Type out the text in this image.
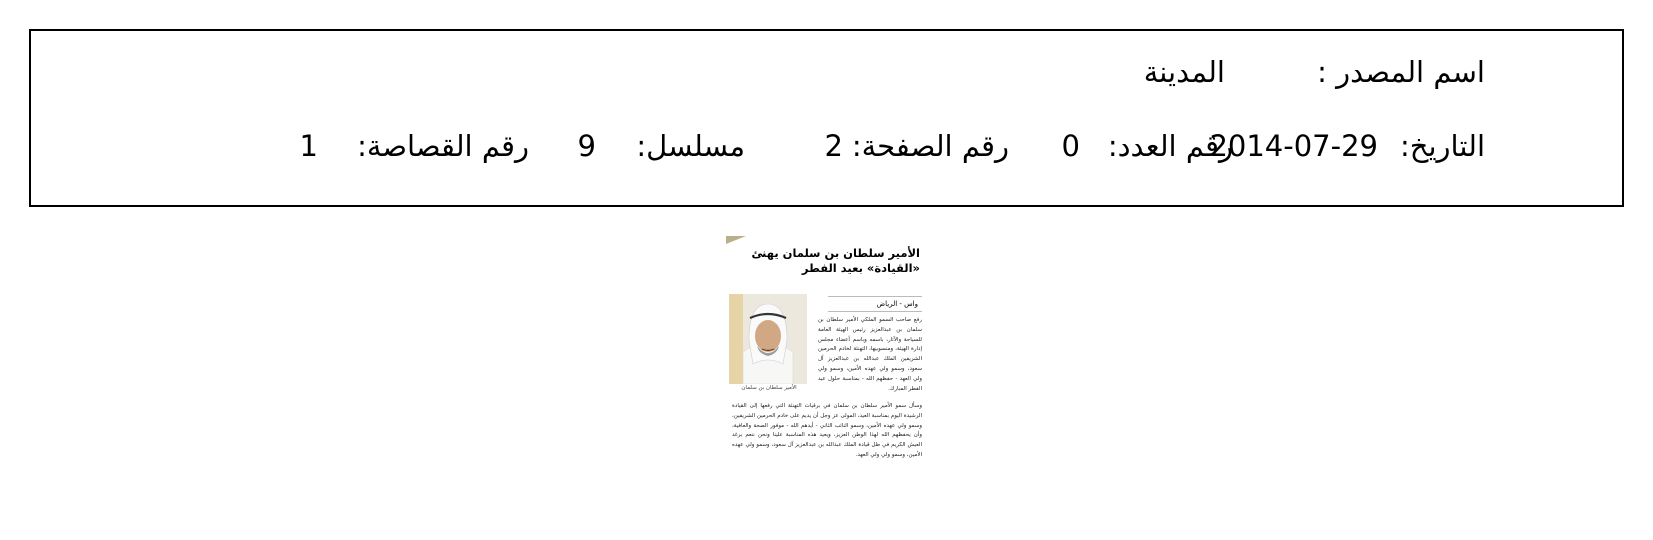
اسم المصدر :
المدينة
التاريخ:
2014-07-29
رقم العدد:
0
رقم الصفحة:
2
مسلسل:
9
رقم القصاصة:
1
الأمير سلطان بن سلمان يهنئ
«القيادة» بعيد الفطر
واس - الرياض
الأمير سلطان بن سلمان
رفع صاحب السمو الملكي الأمير سلطان بن سلمان بن عبدالعزيز رئيس الهيئة العامة للسياحة والآثار، باسمه وباسم أعضاء مجلس إدارة الهيئة، ومنسوبيها، التهنئة لخادم الحرمين الشريفين الملك عبدالله بن عبدالعزيز آل سعود، وسمو ولي عهده الأمين، وسمو ولي ولي العهد - حفظهم الله - بمناسبة حلول عيد الفطر المبارك.
وسأل سمو الأمير سلطان بن سلمان في برقيات التهنئة التي رفعها إلى القيادة الرشيدة اليوم بمناسبة العيد، المولى عز وجل أن يديم على خادم الحرمين الشريفين، وسمو ولي عهده الأمين، وسمو النائب الثاني - أيدهم الله - موفور الصحة والعافية، وأن يحفظهم الله لهذا الوطن العزيز، ويعيد هذه المناسبة علينا ونحن ننعم برغد العيش الكريم في ظل قيادة الملك عبدالله بن عبدالعزيز آل سعود، وسمو ولي عهده الأمين، وسمو ولي ولي العهد.
